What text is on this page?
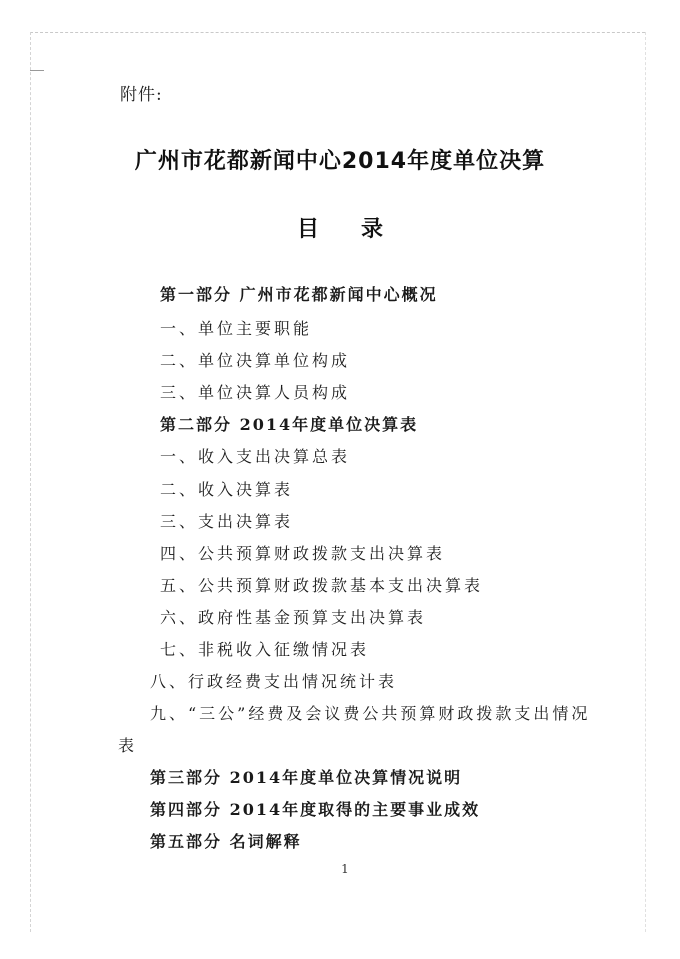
附件:
广州市花都新闻中心2014年度单位决算
目录
第一部分 广州市花都新闻中心概况
一、单位主要职能
二、单位决算单位构成
三、单位决算人员构成
第二部分 2014年度单位决算表
一、收入支出决算总表
二、收入决算表
三、支出决算表
四、公共预算财政拨款支出决算表
五、公共预算财政拨款基本支出决算表
六、政府性基金预算支出决算表
七、非税收入征缴情况表
八、行政经费支出情况统计表
九、“三公”经费及会议费公共预算财政拨款支出情况
表
第三部分 2014年度单位决算情况说明
第四部分 2014年度取得的主要事业成效
第五部分 名词解释
1
